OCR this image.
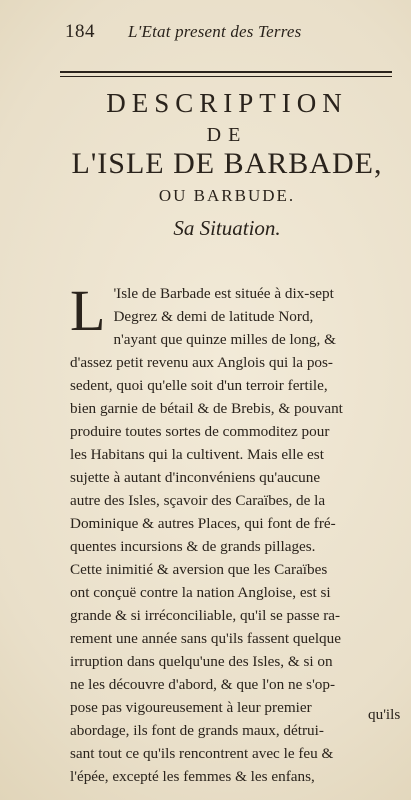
184 L'Etat present des Terres
DESCRIPTION
DE
L'ISLE DE BARBADE,
OU BARBUDE.
Sa Situation.
L 'Isle de Barbade est située à dix-sept
Degrez & demi de latitude Nord,
n'ayant que quinze milles de long, &
d'assez petit revenu aux Anglois qui la pos-
sedent, quoi qu'elle soit d'un terroir fertile,
bien garnie de bétail & de Brebis, & pouvant
produire toutes sortes de commoditez pour
les Habitans qui la cultivent. Mais elle est
sujette à autant d'inconvéniens qu'aucune
autre des Isles, sçavoir des Caraïbes, de la
Dominique & autres Places, qui font de fré-
quentes incursions & de grands pillages.
Cette inimitié & aversion que les Caraïbes
ont conçuë contre la nation Angloise, est si
grande & si irréconciliable, qu'il se passe ra-
rement une année sans qu'ils fassent quelque
irruption dans quelqu'une des Isles, & si on
ne les découvre d'abord, & que l'on ne s'op-
pose pas vigoureusement à leur premier
abordage, ils font de grands maux, détrui-
sant tout ce qu'ils rencontrent avec le feu &
l'épée, excepté les femmes & les enfans,
qu'ils
